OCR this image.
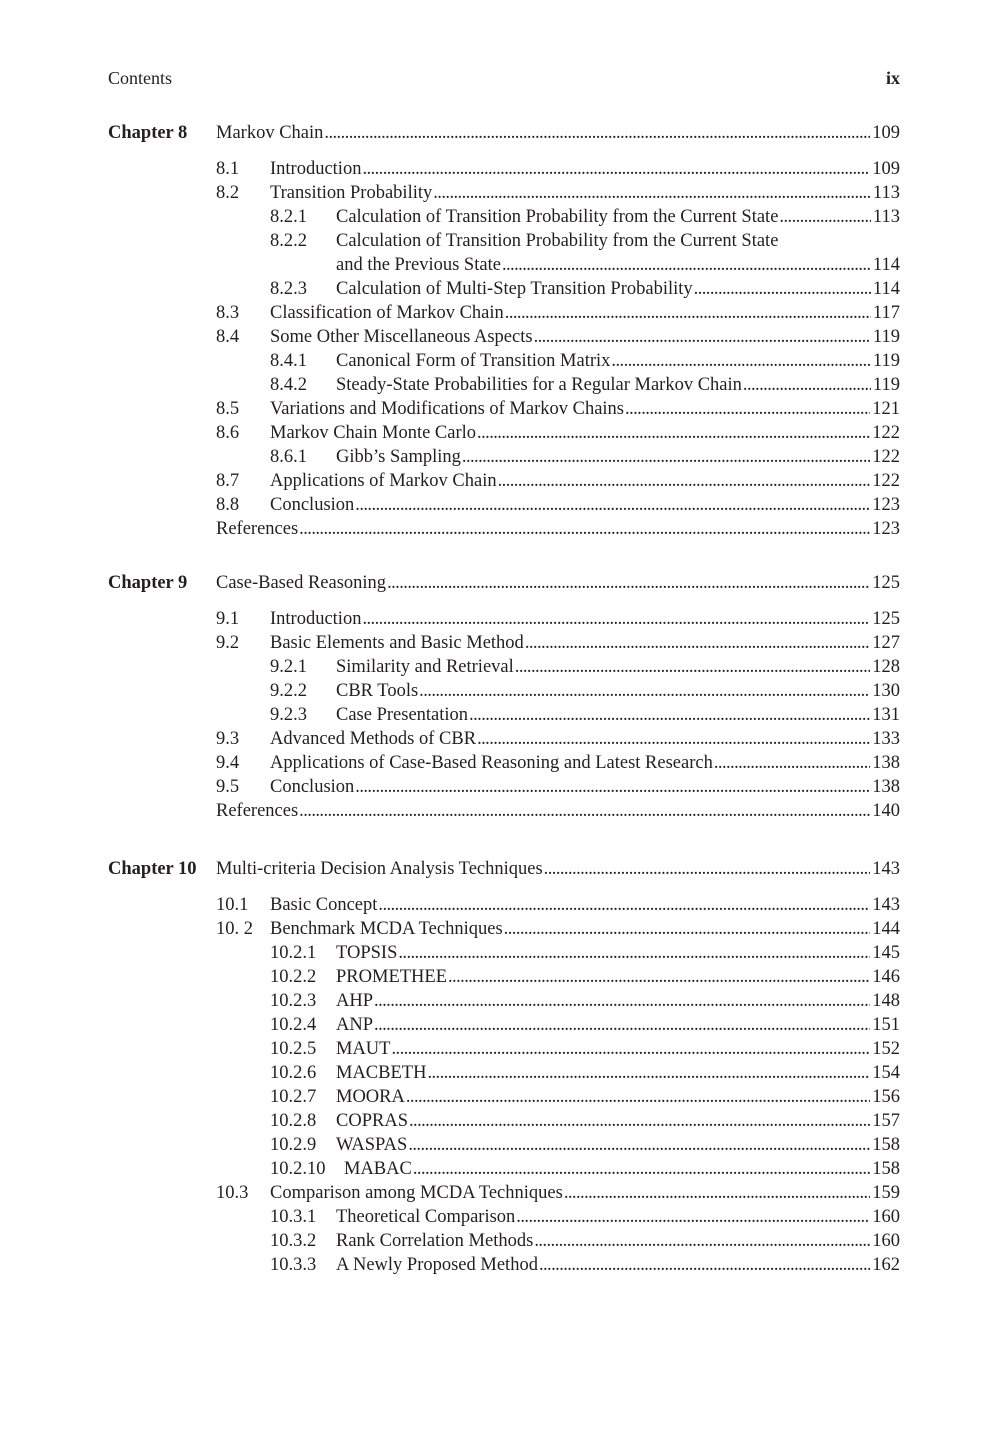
Contents	ix
Chapter 8 Markov Chain . . .	109
8.1 Introduction . . .	109
8.2 Transition Probability . . .	113
8.2.1 Calculation of Transition Probability from the Current State . . .	113
8.2.2 Calculation of Transition Probability from the Current State
and the Previous State . . .	114
8.2.3 Calculation of Multi-Step Transition Probability . . .	114
8.3 Classification of Markov Chain . . .	117
8.4 Some Other Miscellaneous Aspects . . .	119
8.4.1 Canonical Form of Transition Matrix . . .	119
8.4.2 Steady-State Probabilities for a Regular Markov Chain . . .	119
8.5 Variations and Modifications of Markov Chains . . .	121
8.6 Markov Chain Monte Carlo . . .	122
8.6.1 Gibb’s Sampling . . .	122
8.7 Applications of Markov Chain . . .	122
8.8 Conclusion . . .	123
References . . .	123
Chapter 9 Case-Based Reasoning . . .	125
9.1 Introduction . . .	125
9.2 Basic Elements and Basic Method . . .	127
9.2.1 Similarity and Retrieval . . .	128
9.2.2 CBR Tools . . .	130
9.2.3 Case Presentation . . .	131
9.3 Advanced Methods of CBR . . .	133
9.4 Applications of Case-Based Reasoning and Latest Research . . .	138
9.5 Conclusion . . .	138
References . . .	140
Chapter 10 Multi-criteria Decision Analysis Techniques . . .	143
10.1 Basic Concept . . .	143
10. 2 Benchmark MCDA Techniques . . .	144
10.2.1 TOPSIS . . .	145
10.2.2 PROMETHEE . . .	146
10.2.3 AHP . . .	148
10.2.4 ANP . . .	151
10.2.5 MAUT . . .	152
10.2.6 MACBETH . . .	154
10.2.7 MOORA . . .	156
10.2.8 COPRAS . . .	157
10.2.9 WASPAS . . .	158
10.2.10 MABAC . . .	158
10.3 Comparison among MCDA Techniques . . .	159
10.3.1 Theoretical Comparison . . .	160
10.3.2 Rank Correlation Methods . . .	160
10.3.3 A Newly Proposed Method . . .	162
